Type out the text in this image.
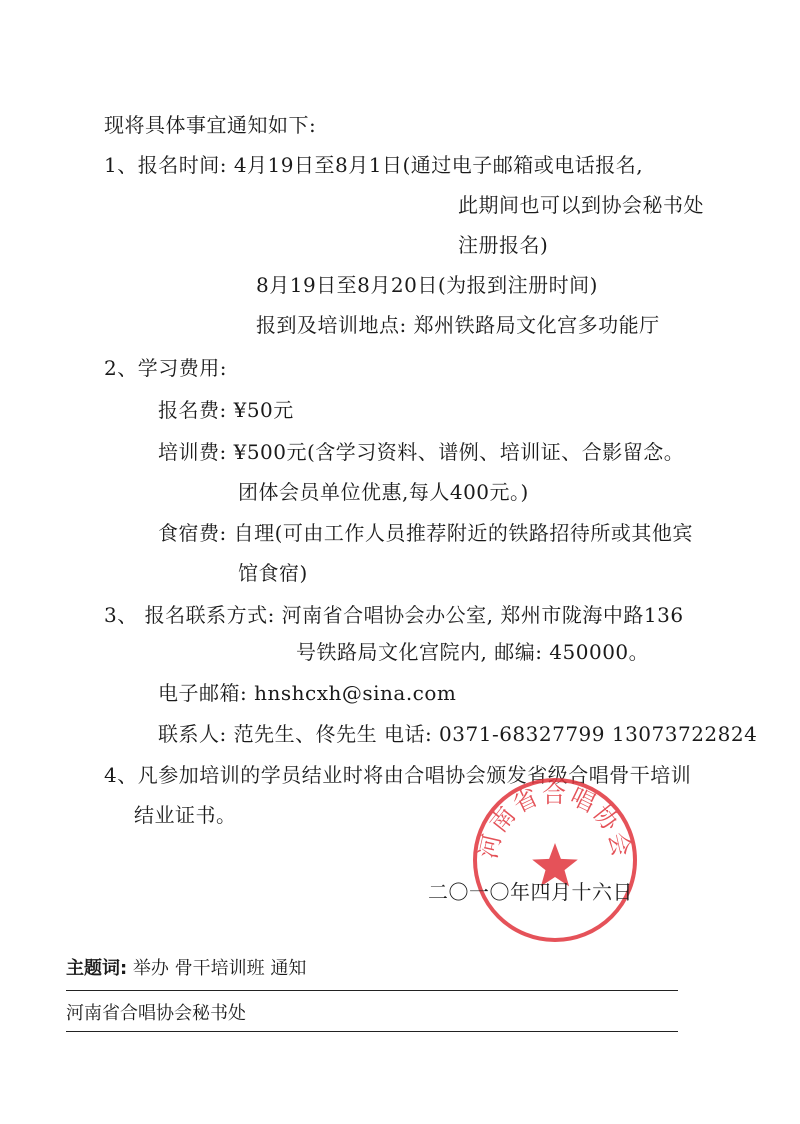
现将具体事宜通知如下:
1、报名时间: 4月19日至8月1日(通过电子邮箱或电话报名,
此期间也可以到协会秘书处
注册报名)
8月19日至8月20日(为报到注册时间)
报到及培训地点: 郑州铁路局文化宫多功能厅
2、学习费用:
报名费: ¥50元
培训费: ¥500元(含学习资料、谱例、培训证、合影留念。
团体会员单位优惠,每人400元。)
食宿费: 自理(可由工作人员推荐附近的铁路招待所或其他宾
馆食宿)
3、 报名联系方式: 河南省合唱协会办公室, 郑州市陇海中路136
号铁路局文化宫院内, 邮编: 450000。
电子邮箱: hnshcxh@sina.com
联系人: 范先生、佟先生 电话: 0371-68327799 13073722824
4、凡参加培训的学员结业时将由合唱协会颁发省级合唱骨干培训
结业证书。
河南省合唱协会
二〇一〇年四月十六日
主题词: 举办 骨干培训班 通知
河南省合唱协会秘书处
